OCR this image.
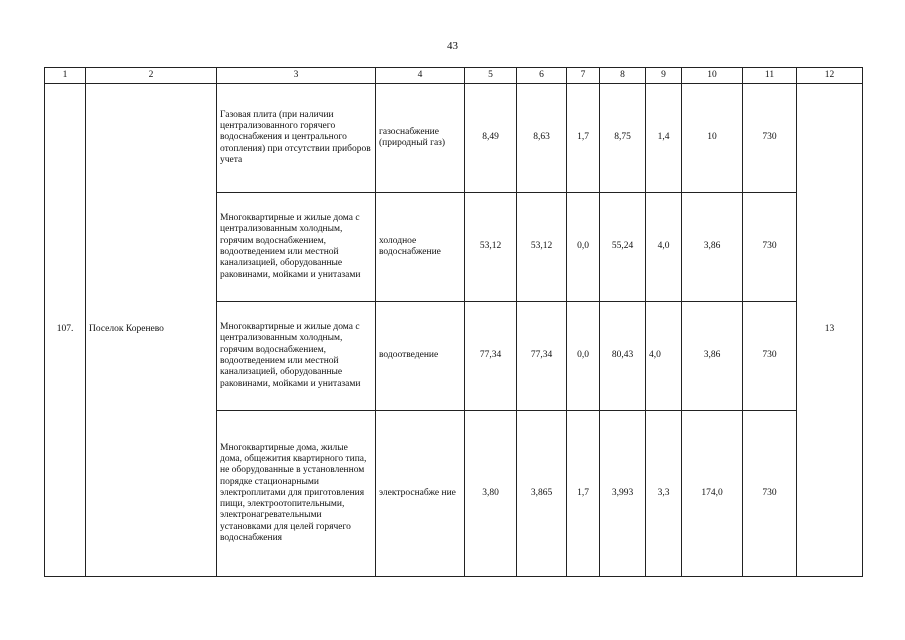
43
1	2	3	4	5	6	7	8	9	10	11	12
107.	Поселок Коренево	Газовая плита (при наличии централизованного горячего водоснабжения и центрального отопления) при отсутствии приборов учета	газоснабжение (природный газ)	8,49	8,63	1,7	8,75	1,4	10	730	13
		Многоквартирные и жилые дома с централизованным холодным, горячим водоснабжением, водоотведением или местной канализацией, оборудованные раковинами, мойками и унитазами	холодное водоснабжение	53,12	53,12	0,0	55,24	4,0	3,86	730	
		Многоквартирные и жилые дома с централизованным холодным, горячим водоснабжением, водоотведением или местной канализацией, оборудованные раковинами, мойками и унитазами	водоотведение	77,34	77,34	0,0	80,43	4,0	3,86	730	
		Многоквартирные дома, жилые дома, общежития квартирного типа, не оборудованные в установленном порядке стационарными электроплитами для приготовления пищи, электроотопительными, электронагревательными установками для целей горячего водоснабжения	электроснабже ние	3,80	3,865	1,7	3,993	3,3	174,0	730	
